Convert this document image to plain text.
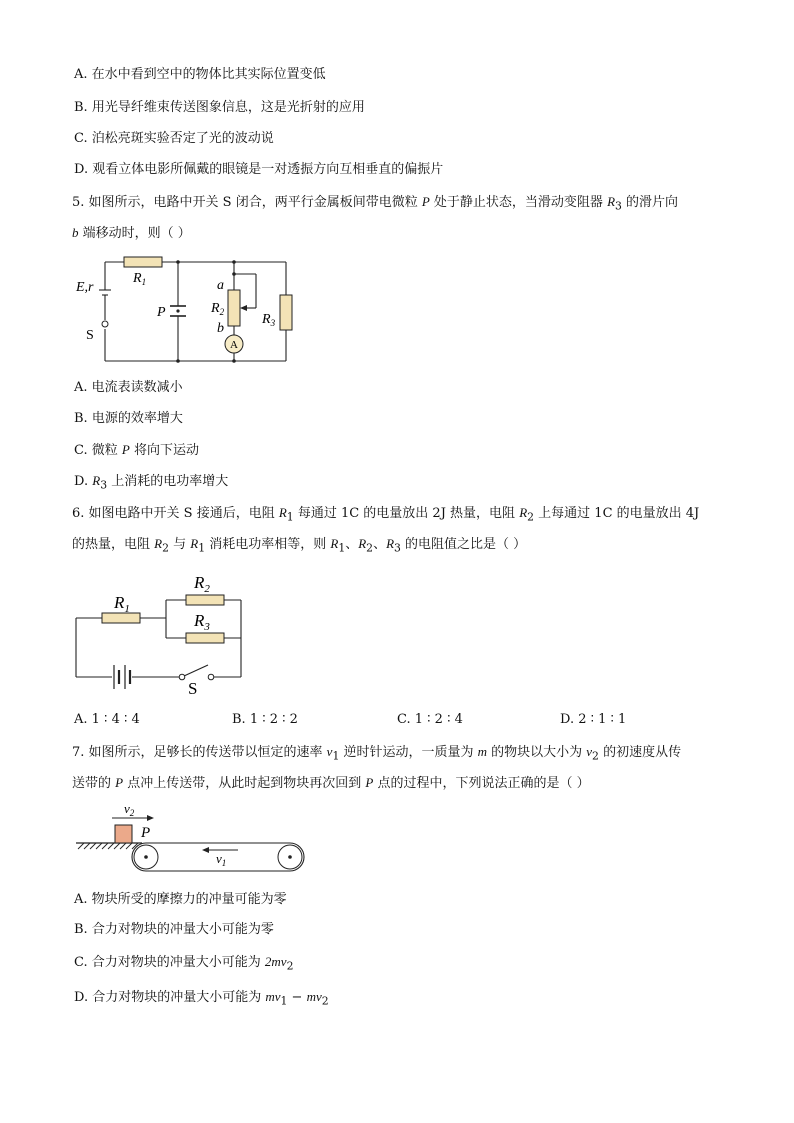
A. 在水中看到空中的物体比其实际位置变低
B. 用光导纤维束传送图象信息，这是光折射的应用
C. 泊松亮斑实验否定了光的波动说
D. 观看立体电影所佩戴的眼镜是一对透振方向互相垂直的偏振片
5. 如图所示，电路中开关 S 闭合，两平行金属板间带电微粒 P 处于静止状态，当滑动变阻器 $R_3$ 的滑片向
b 端移动时，则（ ）
E,r
S
$R_1$
P
a
$R_2$
b
A
$R_3$
A. 电流表读数减小
B. 电源的效率增大
C. 微粒 P 将向下运动
D. $R_3$ 上消耗的电功率增大
6. 如图电路中开关 S 接通后，电阻 $R_1$ 每通过 1C 的电量放出 2J 热量，电阻 $R_2$ 上每通过 1C 的电量放出 4J
的热量，电阻 $R_2$ 与 $R_1$ 消耗电功率相等，则 $R_1$、$R_2$、$R_3$ 的电阻值之比是（ ）
$R_1$
$R_2$
$R_3$
S
A. 1 ∶ 4 ∶ 4	B. 1 ∶ 2 ∶ 2	C. 1 ∶ 2 ∶ 4	D. 2 ∶ 1 ∶ 1
7. 如图所示，足够长的传送带以恒定的速率 $v_1$ 逆时针运动，一质量为 m 的物块以大小为 $v_2$ 的初速度从传
送带的 P 点冲上传送带，从此时起到物块再次回到 P 点的过程中，下列说法正确的是（ ）
$v_2$
P
$v_1$
A. 物块所受的摩擦力的冲量可能为零
B. 合力对物块的冲量大小可能为零
C. 合力对物块的冲量大小可能为 $2mv_2$
D. 合力对物块的冲量大小可能为 $mv_1 - mv_2$
